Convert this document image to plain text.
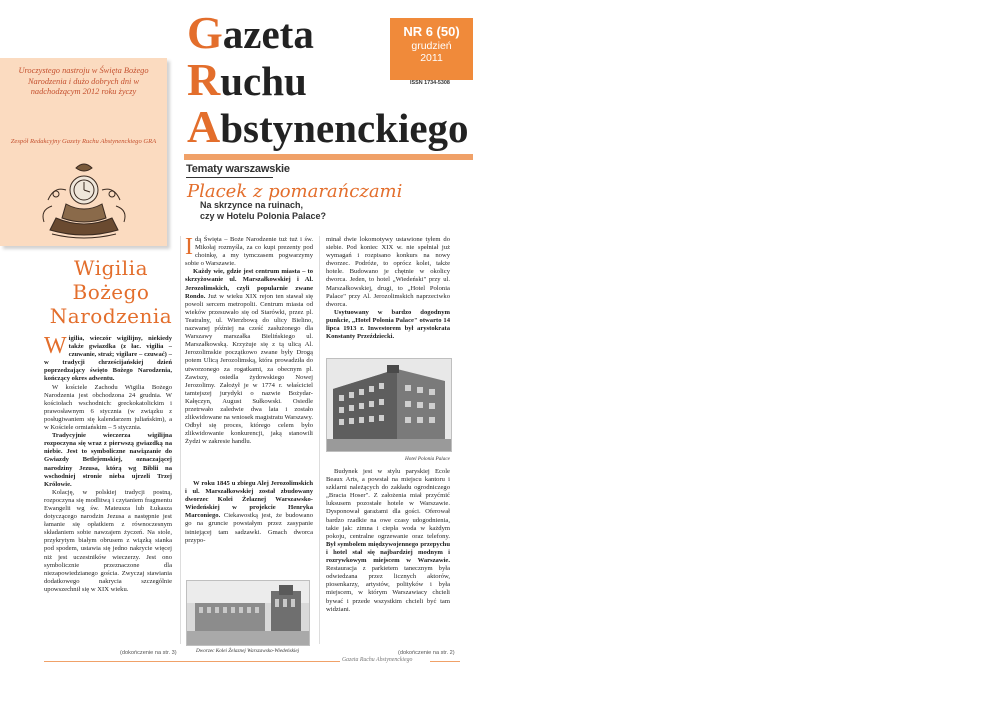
Uroczystego nastroju w Święta Bożego Narodzenia i dużo dobrych dni w nadchodzącym 2012 roku życzy
Zespół Redakcyjny Gazety Ruchu Abstynenckiego GRA
Wigilia
Bożego
Narodzenia

Wigilia, wieczór wigilijny, niekiedy także gwiazdka (z łac. vigilia – czuwanie, straż; vigilare – czuwać) – w tradycji chrześcijańskiej dzień poprzedzający święto Bożego Narodzenia, kończący okres adwentu.

W kościele Zachodu Wigilia Bożego Narodzenia jest obchodzona 24 grudnia. W kościołach wschodnich: greckokatolickim i prawosławnym 6 stycznia (w związku z posługiwaniem się kalendarzem juliańskim), a w Kościele ormiańskim – 5 stycznia.

Tradycyjnie wieczerza wigilijna rozpoczyna się wraz z pierwszą gwiazdką na niebie. Jest to symboliczne nawiązanie do Gwiazdy Betlejemskiej, oznaczającej narodziny Jezusa, którą wg Biblii na wschodniej stronie nieba ujrzeli Trzej Królowie.

Kolację, w polskiej tradycji postną, rozpoczyna się modlitwą i czytaniem fragmentu Ewangelii wg św. Mateusza lub Łukasza dotyczącego narodzin Jezusa a następnie jest łamanie się opłatkiem z równoczesnym składaniem sobie nawzajem życzeń. Na stole, przykrytym białym obrusem z wiązką sianka pod spodem, ustawia się jedno nakrycie więcej niż jest uczestników wieczerzy. Jest ono symbolicznie przeznaczone dla niezapowiedzianego gościa. Zwyczaj stawiania dodatkowego nakrycia szczególnie upowszechnił się w XIX wieku.

(dokończenie na str. 3)
Gazeta
Ruchu
Abstynenckiego
NR 6 (50)
grudzień
2011
ISSN 1734-5308
Tematy warszawskie
Placek z pomarańczami
Na skrzynce na ruinach,
czy w Hotelu Polonia Palace?

Idą Święta – Boże Narodzenie tuż tuż i św. Mikołaj rozmyśla, za co kupi prezenty pod choinkę, a my tymczasem pogwarzymy sobie o Warszawie.

Każdy wie, gdzie jest centrum miasta – to skrzyżowanie ul. Marszałkowskiej i Al. Jerozolimskich, czyli popularnie zwane Rondo. Już w wieku XIX rejon ten stawał się powoli sercem metropolii. Centrum miasta od wieków przesuwało się od Starówki, przez pl. Teatralny, ul. Wierzbową do ulicy Bielino, nazwanej później na cześć zasłużonego dla Warszawy marszałka Bielińskiego ul. Marszałkowską. Krzyżuje się z tą ulicą Al. Jerozolimskie początkowo zwane były Drogą potem Ulicą Jerozolimską, która prowadziła do utworzonego za rogatkami, za obecnym pl. Zawiszy, osiedla żydowskiego Nowej Jerozolimy. Założył je w 1774 r. właściciel tamtejszej jurydyki o nazwie Bożydar-Kałęczyn, August Sułkowski. Osiedle przetrwało zaledwie dwa lata i zostało zlikwidowane na wniosek magistratu Warszawy. Odbył się proces, którego celem było zlikwidowanie konkurencji, jaką stanowili Żydzi w zakresie handlu.

W roku 1845 u zbiegu Alej Jerozolimskich i ul. Marszałkowskiej został zbudowany dworzec Kolei Żelaznej Warszawsko-Wiedeńskiej w projekcie Henryka Marconiego. Ciekawostką jest, że budowano go na gruncie powstałym przez zasypanie istniejącej tam sadzawki. Gmach dworca przypo-

Dworzec Kolei Żelaznej Warszawsko-Wiedeńskiej

minał dwie lokomotywy ustawione tyłem do siebie. Pod koniec XIX w. nie spełniał już wymagań i rozpisano konkurs na nowy dworzec. Podróże, to oprócz kolei, także hotele. Budowano je chętnie w okolicy dworca. Jeden, to hotel „Wiedeński" przy ul. Marszałkowskiej, drugi, to „Hotel Polonia Palace" przy Al. Jerozolimskich naprzeciwko dworca.

Usytuowany w bardzo dogodnym punkcie, „Hotel Polonia Palace" otwarto 14 lipca 1913 r. Inwestorem był arystokrata Konstanty Przeździecki.

Hotel Polonia Palace

Budynek jest w stylu paryskiej Ecole Beaux Arts, a powstał na miejscu kantoru i szklarni należących do zakładu ogrodniczego „Bracia Hoser". Z założenia miał przyćmić luksusem pozostałe hotele w Warszawie. Dysponował garażami dla gości. Oferował bardzo rzadkie na owe czasy udogodnienia, takie jak: zimna i ciepła woda w każdym pokoju, centralne ogrzewanie oraz telefony. Był symbolem międzywojennego przepychu i hotel stał się najbardziej modnym i rozrywkowym miejscem w Warszawie. Restauracja z parkietem tanecznym była odwiedzana przez licznych aktorów, piosenkarzy, artystów, polityków i była miejscem, w którym Warszawiacy chcieli bywać i przede wszystkim chcieli być tam widziani.

(dokończenie na str. 2)
Gazeta Ruchu Abstynenckiego
